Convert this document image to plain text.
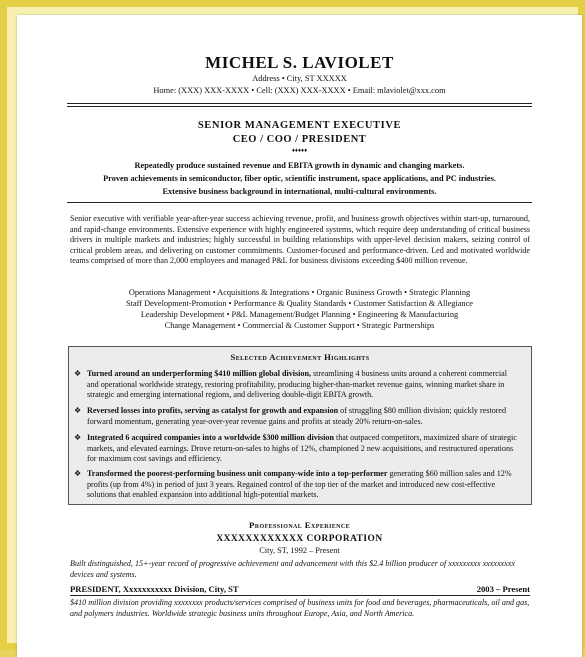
MICHEL S. LAVIOLET
Address • City, ST XXXXX
Home: (XXX) XXX-XXXX • Cell: (XXX) XXX-XXXX • Email: mlaviolet@xxx.com
SENIOR MANAGEMENT EXECUTIVE
CEO / COO / PRESIDENT
♦♦♦♦♦
Repeatedly produce sustained revenue and EBITA growth in dynamic and changing markets.
Proven achievements in semiconductor, fiber optic, scientific instrument, space applications, and PC industries.
Extensive business background in international, multi-cultural environments.
Senior executive with verifiable year-after-year success achieving revenue, profit, and business growth objectives within start-up, turnaround, and rapid-change environments. Extensive experience with highly engineered systems, which require deep understanding of critical business drivers in multiple markets and industries; highly successful in building relationships with upper-level decision makers, seizing control of critical problem areas, and delivering on customer commitments. Customer-focused and performance-driven. Led and motivated worldwide teams comprised of more than 2,000 employees and managed P&L for business divisions exceeding $400 million revenue.
Operations Management • Acquisitions & Integrations • Organic Business Growth • Strategic Planning
Staff Development-Promotion • Performance & Quality Standards • Customer Satisfaction & Allegiance
Leadership Development • P&L Management/Budget Planning • Engineering & Manufacturing
Change Management • Commercial & Customer Support • Strategic Partnerships
Selected Achievement Highlights
❖ Turned around an underperforming $410 million global division, streamlining 4 business units around a coherent commercial and operational worldwide strategy, restoring profitability, producing higher-than-market revenue gains, winning market share in strategic and emerging international regions, and delivering double-digit EBITA growth.
❖ Reversed losses into profits, serving as catalyst for growth and expansion of struggling $80 million division; quickly restored forward momentum, generating year-over-year revenue gains and profits at steady 20% return-on-sales.
❖ Integrated 6 acquired companies into a worldwide $300 million division that outpaced competitors, maximized share of strategic markets, and elevated earnings. Drove return-on-sales to highs of 12%, championed 2 new acquisitions, and restructured operations for maximum cost savings and efficiency.
❖ Transformed the poorest-performing business unit company-wide into a top-performer generating $60 million sales and 12% profits (up from 4%) in period of just 3 years. Regained control of the top tier of the market and introduced new cost-effective solutions that enabled expansion into additional high-potential markets.
Professional Experience
XXXXXXXXXXXX CORPORATION
City, ST, 1992 – Present
Built distinguished, 15+-year record of progressive achievement and advancement with this $2.4 billion producer of xxxxxxxxx xxxxxxxxx devices and systems.
PRESIDENT, Xxxxxxxxxxx Division, City, ST	2003 – Present
$410 million division providing xxxxxxxx products/services comprised of business units for food and beverages, pharmaceuticals, oil and gas, and polymers industries. Worldwide strategic business units throughout Europe, Asia, and North America.
